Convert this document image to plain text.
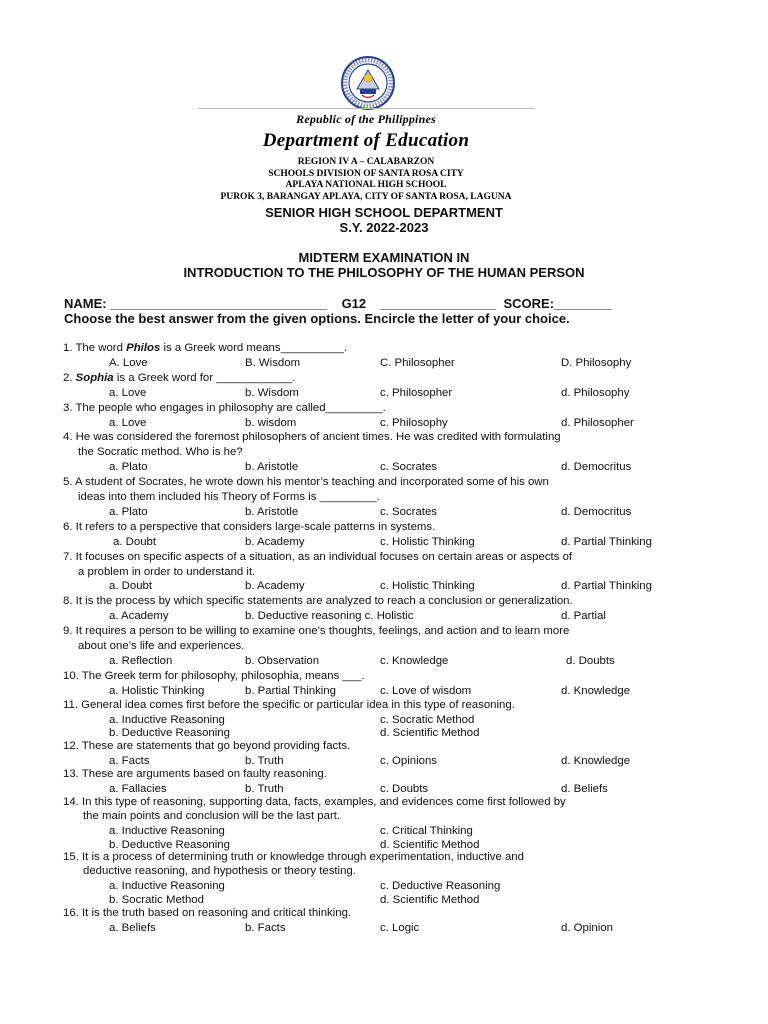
Republic of the Philippines
Department of Education
REGION IV A – CALABARZON
SCHOOLS DIVISION OF SANTA ROSA CITY
APLAYA NATIONAL HIGH SCHOOL
PUROK 3, BARANGAY APLAYA, CITY OF SANTA ROSA, LAGUNA
SENIOR HIGH SCHOOL DEPARTMENT
S.Y. 2022-2023
MIDTERM EXAMINATION IN
INTRODUCTION TO THE PHILOSOPHY OF THE HUMAN PERSON
NAME: ______________________________    G12    ________________  SCORE:________
Choose the best answer from the given options. Encircle the letter of your choice.
1. The word Philos is a Greek word means__________.
A. Love	B. Wisdom	C. Philosopher	D. Philosophy
2. Sophia is a Greek word for ____________.
a. Love	b. Wisdom	c. Philosopher	d. Philosophy
3. The people who engages in philosophy are called_________.
a. Love	b. wisdom	c. Philosophy	d. Philosopher
4. He was considered the foremost philosophers of ancient times. He was credited with formulating
the Socratic method. Who is he?
a. Plato	b. Aristotle	c. Socrates	d. Democritus
5. A student of Socrates, he wrote down his mentor’s teaching and incorporated some of his own
ideas into them included his Theory of Forms is _________.
a. Plato	b. Aristotle	c. Socrates	d. Democritus
6. It refers to a perspective that considers large-scale patterns in systems.
a. Doubt	b. Academy	c. Holistic Thinking	d. Partial Thinking
7. It focuses on specific aspects of a situation, as an individual focuses on certain areas or aspects of
a problem in order to understand it.
a. Doubt	b. Academy	c. Holistic Thinking	d. Partial Thinking
8. It is the process by which specific statements are analyzed to reach a conclusion or generalization.
a. Academy	b. Deductive reasoning c. Holistic	d. Partial
9. It requires a person to be willing to examine one’s thoughts, feelings, and action and to learn more
about one’s life and experiences.
a. Reflection	b. Observation	c. Knowledge	d. Doubts
10. The Greek term for philosophy, philosophia, means ___.
a. Holistic Thinking	b. Partial Thinking	c. Love of wisdom	d. Knowledge
11. General idea comes first before the specific or particular idea in this type of reasoning.
a. Inductive Reasoning	c. Socratic Method
b. Deductive Reasoning	d. Scientific Method
12. These are statements that go beyond providing facts.
a. Facts	b. Truth	c. Opinions	d. Knowledge
13. These are arguments based on faulty reasoning.
a. Fallacies	b. Truth	c. Doubts	d. Beliefs
14. In this type of reasoning, supporting data, facts, examples, and evidences come first followed by
the main points and conclusion will be the last part.
a. Inductive Reasoning	c. Critical Thinking
b. Deductive Reasoning	d. Scientific Method
15. It is a process of determining truth or knowledge through experimentation, inductive and
deductive reasoning, and hypothesis or theory testing.
a. Inductive Reasoning	c. Deductive Reasoning
b. Socratic Method	d. Scientific Method
16. It is the truth based on reasoning and critical thinking.
a. Beliefs	b. Facts	c. Logic	d. Opinion
